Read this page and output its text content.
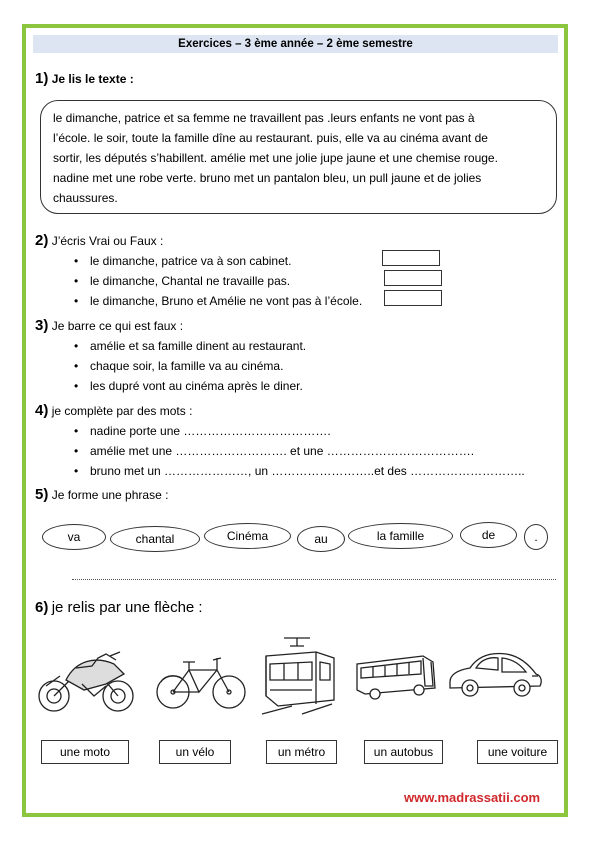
Exercices – 3 ème année – 2 ème semestre
1) Je lis le texte :
le dimanche, patrice et sa femme ne travaillent pas .leurs enfants ne vont pas à
l’école. le soir, toute la famille dîne au restaurant. puis, elle va au cinéma avant de
sortir, les députés s’habillent. amélie met une jolie jupe jaune et une chemise rouge.
nadine met une robe verte. bruno met un pantalon bleu, un pull jaune et de jolies
chaussures.
2) J’écris Vrai ou Faux :
• le dimanche, patrice va à son cabinet.
• le dimanche, Chantal ne travaille pas.
• le dimanche, Bruno et Amélie ne vont pas à l’école.
3) Je barre ce qui est faux :
• amélie et sa famille dinent au restaurant.
• chaque soir, la famille va au cinéma.
• les dupré vont au cinéma après le diner.
4) je complète par des mots :
• nadine porte une ……………………………….
• amélie met une ………………………. et une ……………………………….
• bruno met un …………………, un ……………………..et des ………………………..
5) Je forme une phrase :
va	chantal	Cinéma	au	la famille	de	.
6) je relis par une flèche :
une moto	un vélo	un métro	un autobus	une voiture
www.madrassatii.com
